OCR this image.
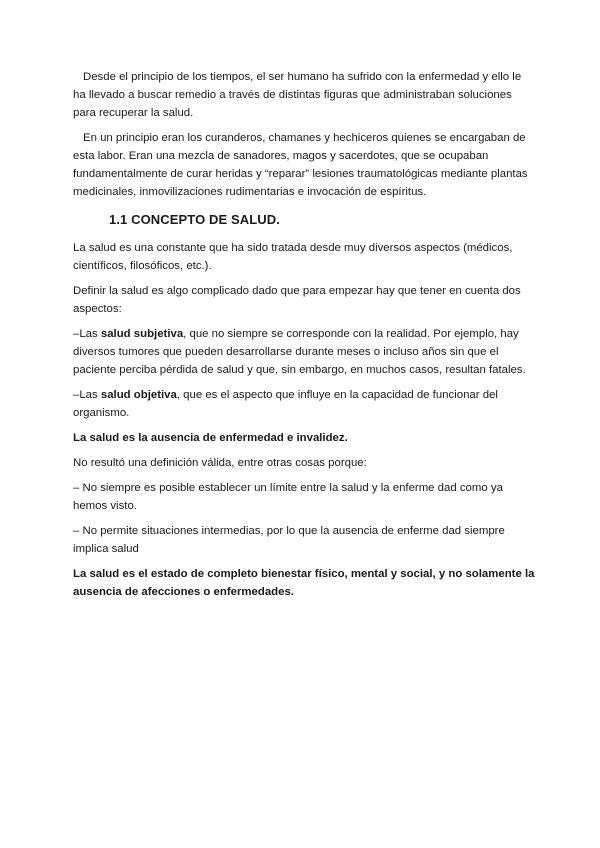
Desde el principio de los tiempos, el ser humano ha sufrido con la enfermedad y ello le ha llevado a buscar remedio a través de distintas figuras que administraban soluciones para recuperar la salud.

En un principio eran los curanderos, chamanes y hechiceros quienes se encargaban de esta labor. Eran una mezcla de sanadores, magos y sacerdotes, que se ocupaban fundamentalmente de curar heridas y “reparar” lesiones traumatológicas mediante plantas medicinales, inmovilizaciones rudimentarias e invocación de espíritus.

1.1 CONCEPTO DE SALUD.

La salud es una constante que ha sido tratada desde muy diversos aspectos (médicos, científicos, filosóficos, etc.).

Definir la salud es algo complicado dado que para empezar hay que tener en cuenta dos aspectos:

–Las salud subjetiva, que no siempre se corresponde con la realidad. Por ejemplo, hay diversos tumores que pueden desarrollarse durante meses o incluso años sin que el paciente perciba pérdida de salud y que, sin embargo, en muchos casos, resultan fatales.

–Las salud objetiva, que es el aspecto que influye en la capacidad de funcionar del organismo.

La salud es la ausencia de enfermedad e invalidez.

No resultó una definición válida, entre otras cosas porque:

– No siempre es posible establecer un límite entre la salud y la enferme dad como ya hemos visto.

– No permite situaciones intermedias, por lo que la ausencia de enferme dad siempre implica salud

La salud es el estado de completo bienestar físico, mental y social, y no solamente la ausencia de afecciones o enfermedades.
